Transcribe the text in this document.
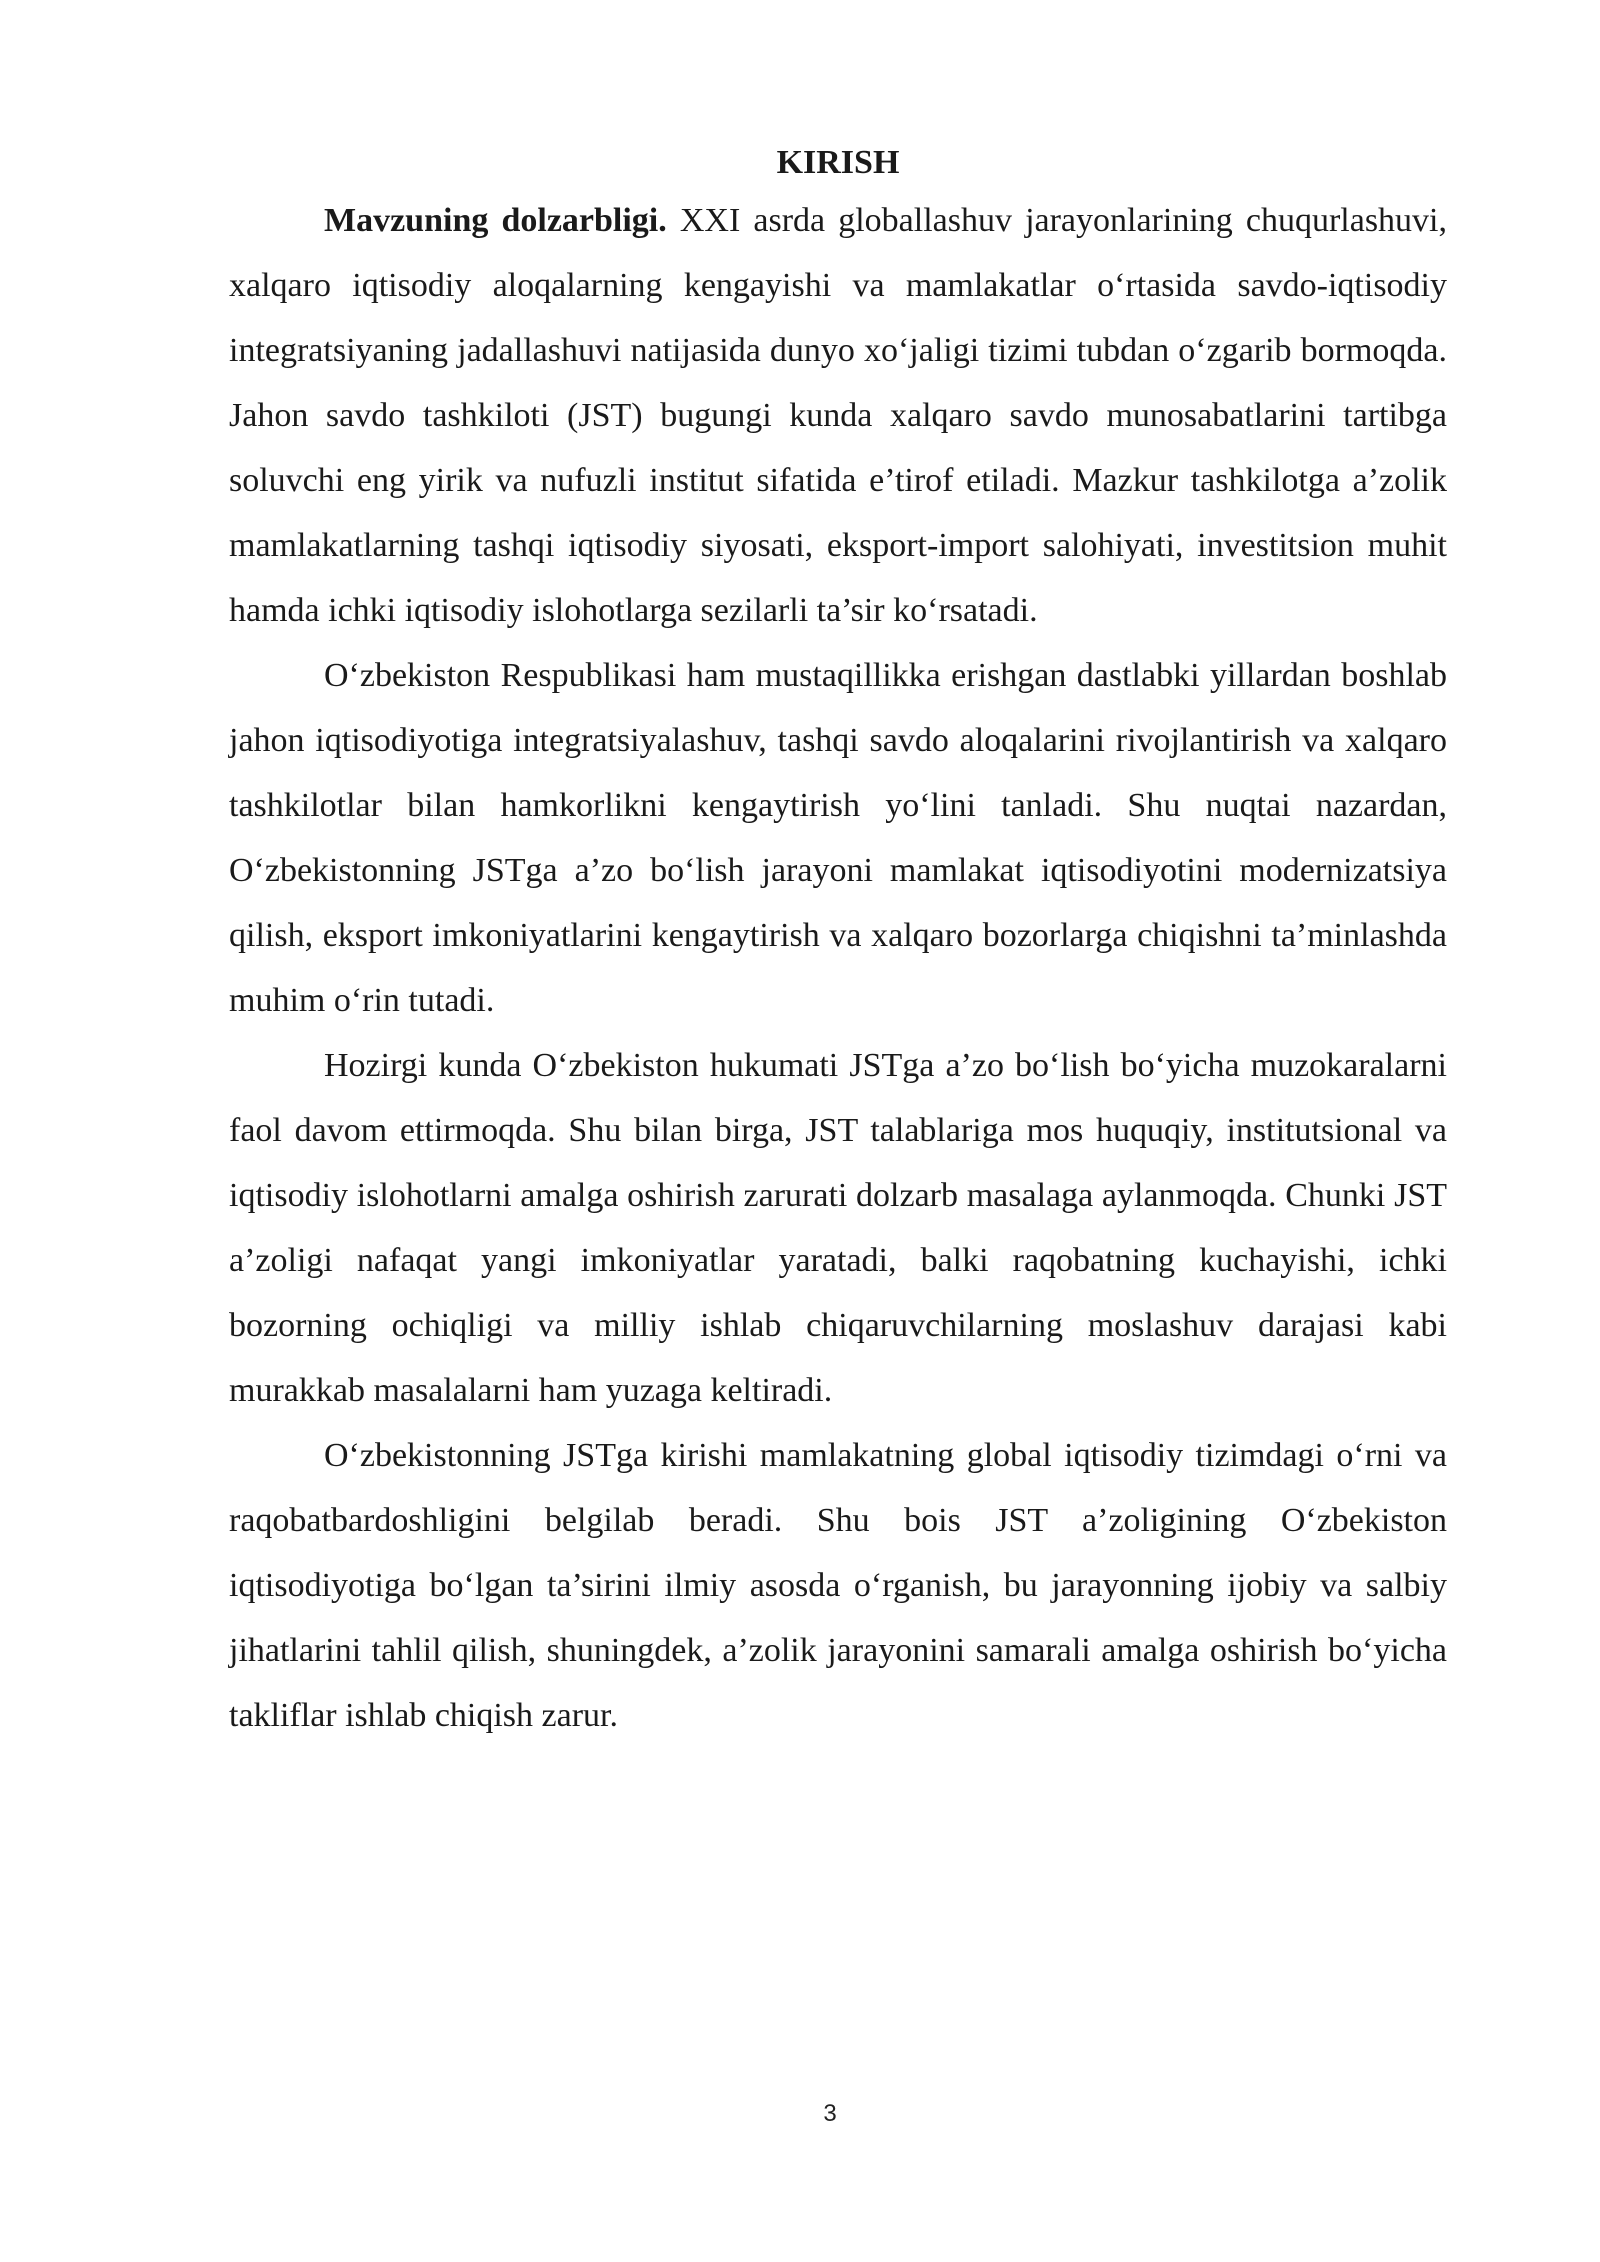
KIRISH

Mavzuning dolzarbligi. XXI asrda globallashuv jarayonlarining chuqurlashuvi, xalqaro iqtisodiy aloqalarning kengayishi va mamlakatlar o‘rtasida savdo-iqtisodiy integratsiyaning jadallashuvi natijasida dunyo xo‘jaligi tizimi tubdan o‘zgarib bormoqda. Jahon savdo tashkiloti (JST) bugungi kunda xalqaro savdo munosabatlarini tartibga soluvchi eng yirik va nufuzli institut sifatida e’tirof etiladi. Mazkur tashkilotga a’zolik mamlakatlarning tashqi iqtisodiy siyosati, eksport-import salohiyati, investitsion muhit hamda ichki iqtisodiy islohotlarga sezilarli ta’sir ko‘rsatadi.

O‘zbekiston Respublikasi ham mustaqillikka erishgan dastlabki yillardan boshlab jahon iqtisodiyotiga integratsiyalashuv, tashqi savdo aloqalarini rivojlantirish va xalqaro tashkilotlar bilan hamkorlikni kengaytirish yo‘lini tanladi. Shu nuqtai nazardan, O‘zbekistonning JSTga a’zo bo‘lish jarayoni mamlakat iqtisodiyotini modernizatsiya qilish, eksport imkoniyatlarini kengaytirish va xalqaro bozorlarga chiqishni ta’minlashda muhim o‘rin tutadi.

Hozirgi kunda O‘zbekiston hukumati JSTga a’zo bo‘lish bo‘yicha muzokaralarni faol davom ettirmoqda. Shu bilan birga, JST talablariga mos huquqiy, institutsional va iqtisodiy islohotlarni amalga oshirish zarurati dolzarb masalaga aylanmoqda. Chunki JST a’zoligi nafaqat yangi imkoniyatlar yaratadi, balki raqobatning kuchayishi, ichki bozorning ochiqligi va milliy ishlab chiqaruvchilarning moslashuv darajasi kabi murakkab masalalarni ham yuzaga keltiradi.

O‘zbekistonning JSTga kirishi mamlakatning global iqtisodiy tizimdagi o‘rni va raqobatbardoshligini belgilab beradi. Shu bois JST a’zoligining O‘zbekiston iqtisodiyotiga bo‘lgan ta’sirini ilmiy asosda o‘rganish, bu jarayonning ijobiy va salbiy jihatlarini tahlil qilish, shuningdek, a’zolik jarayonini samarali amalga oshirish bo‘yicha takliflar ishlab chiqish zarur.

3
